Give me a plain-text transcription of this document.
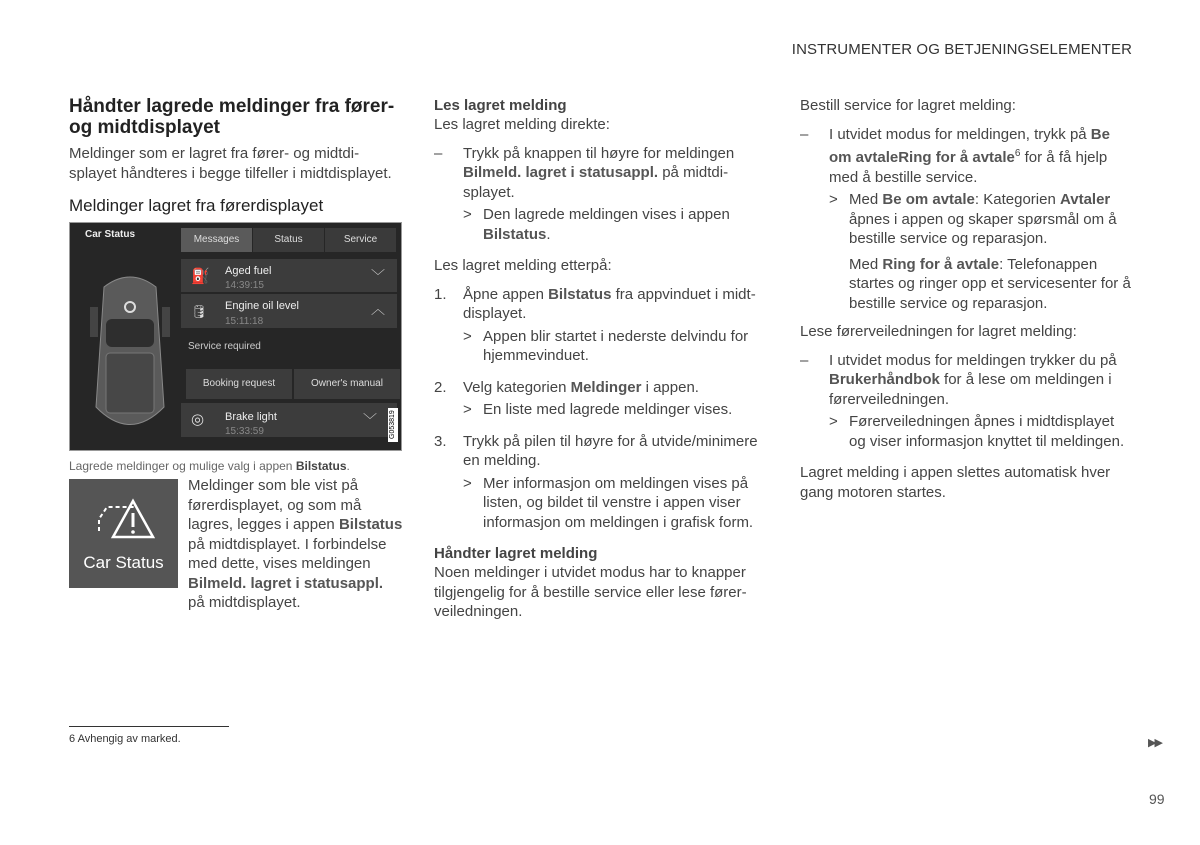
INSTRUMENTER OG BETJENINGSELEMENTER
Håndter lagrede meldinger fra fører- og midtdisplayet

Meldinger som er lagret fra fører- og midtdisplayet håndteres i begge tilfeller i midtdisplayet.

Meldinger lagret fra førerdisplayet
Car Status	Messages	Status	Service
⛽ Aged fuel
14:39:15
﹀
🛢 Engine oil level
15:11:18
︿
Service required
Booking request	Owner's manual
◎ Brake light
15:33:59
﹀ G053819

Lagrede meldinger og mulige valg i appen Bilstatus.

Car Status

Meldinger som ble vist på førerdisplayet, og som må lagres, legges i appen Bilstatus på midtdisplayet. I forbindelse med dette, vises meldingen Bilmeld. lagret i statusappl. på midtdisplayet.

Les lagret melding

Les lagret melding direkte:

– Trykk på knappen til høyre for meldingen Bilmeld. lagret i statusappl. på midtdisplayet.
> Den lagrede meldingen vises i appen Bilstatus.

Les lagret melding etterpå:

1. Åpne appen Bilstatus fra appvinduet i midtdisplayet.
> Appen blir startet i nederste delvindu for hjemmevinduet.
2. Velg kategorien Meldinger i appen.
> En liste med lagrede meldinger vises.
3. Trykk på pilen til høyre for å utvide/minimere en melding.
> Mer informasjon om meldingen vises på listen, og bildet til venstre i appen viser informasjon om meldingen i grafisk form.
Håndter lagret melding

Noen meldinger i utvidet modus har to knapper tilgjengelig for å bestille service eller lese førerveiledningen.

Bestill service for lagret melding:

– I utvidet modus for meldingen, trykk på Be om avtaleRing for å avtale$^6$ for å få hjelp med å bestille service.
> Med Be om avtale: Kategorien Avtaler åpnes i appen og skaper spørsmål om å bestille service og reparasjon.
Med Ring for å avtale: Telefonappen startes og ringer opp et servicesenter for å bestille service og reparasjon.

Lese førerveiledningen for lagret melding:

– I utvidet modus for meldingen trykker du på Brukerhåndbok for å lese om meldingen i førerveiledningen.
> Førerveiledningen åpnes i midtdisplayet og viser informasjon knyttet til meldingen.

Lagret melding i appen slettes automatisk hver gang motoren startes.

6 Avhengig av marked.	▶▶
99
